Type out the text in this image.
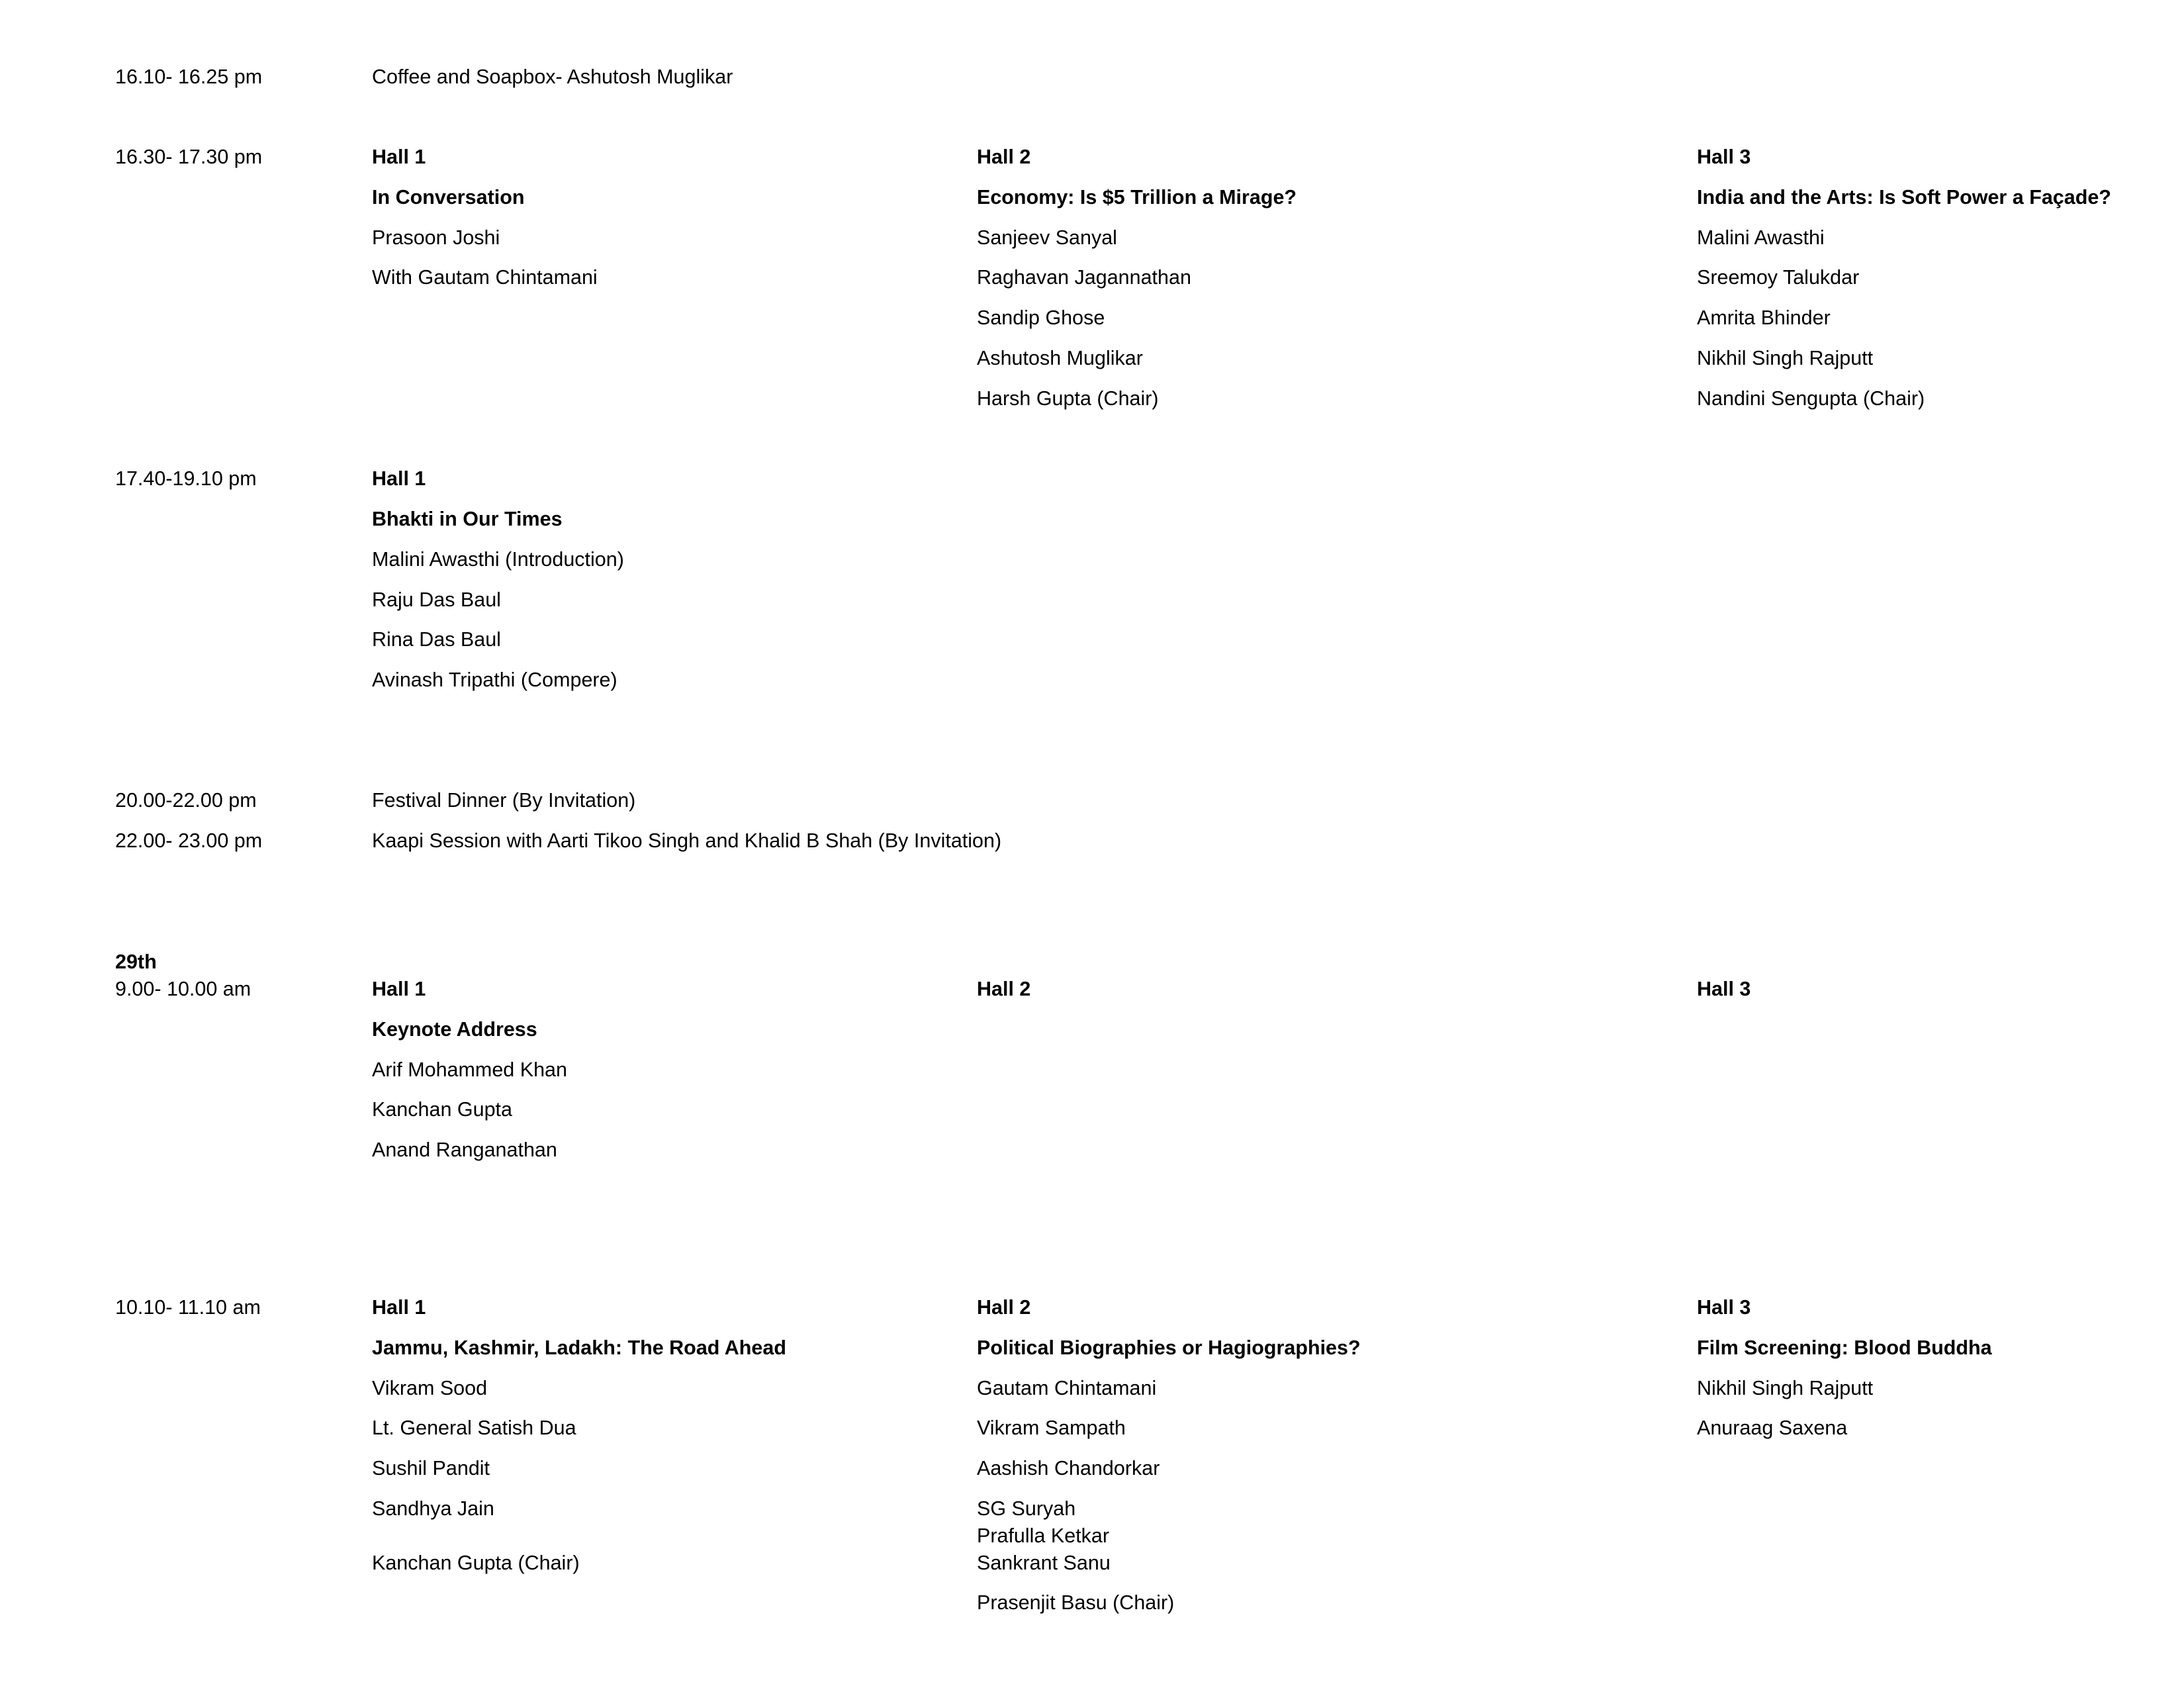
16.10- 16.25 pm	Coffee and Soapbox- Ashutosh Muglikar
16.30- 17.30 pm	Hall 1
In Conversation
Prasoon Joshi
With Gautam Chintamani
Hall 2
Economy: Is $5 Trillion a Mirage?
Sanjeev Sanyal
Raghavan Jagannathan
Sandip Ghose
Ashutosh Muglikar
Harsh Gupta (Chair)
Hall 3
India and the Arts: Is Soft Power a Façade?
Malini Awasthi
Sreemoy Talukdar
Amrita Bhinder
Nikhil Singh Rajputt
Nandini Sengupta (Chair)
17.40-19.10 pm	Hall 1
Bhakti in Our Times
Malini Awasthi (Introduction)
Raju Das Baul
Rina Das Baul
Avinash Tripathi (Compere)
20.00-22.00 pm	Festival Dinner (By Invitation)
22.00- 23.00 pm	Kaapi Session with Aarti Tikoo Singh and Khalid B Shah (By Invitation)
29th
9.00- 10.00 am	Hall 1
Keynote Address
Arif Mohammed Khan
Kanchan Gupta
Anand Ranganathan
Hall 2	Hall 3
10.10- 11.10 am	Hall 1
Jammu, Kashmir, Ladakh: The Road Ahead
Vikram Sood
Lt. General Satish Dua
Sushil Pandit
Sandhya Jain
Kanchan Gupta (Chair)
Hall 2
Political Biographies or Hagiographies?
Gautam Chintamani
Vikram Sampath
Aashish Chandorkar
SG Suryah
Prafulla Ketkar
Sankrant Sanu
Prasenjit Basu (Chair)
Hall 3
Film Screening: Blood Buddha
Nikhil Singh Rajputt
Anuraag Saxena
